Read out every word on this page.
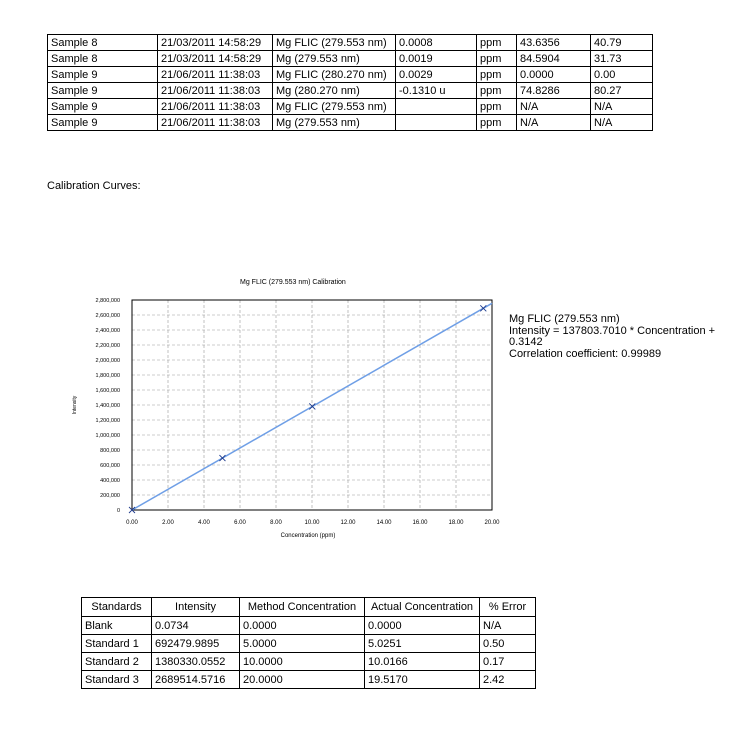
Sample 8	21/03/2011 14:58:29	Mg FLIC (279.553 nm)	0.0008	ppm	43.6356	40.79
Sample 8	21/03/2011 14:58:29	Mg (279.553 nm)	0.0019	ppm	84.5904	31.73
Sample 9	21/06/2011 11:38:03	Mg FLIC (280.270 nm)	0.0029	ppm	0.0000	0.00
Sample 9	21/06/2011 11:38:03	Mg (280.270 nm)	-0.1310 u	ppm	74.8286	80.27
Sample 9	21/06/2011 11:38:03	Mg FLIC (279.553 nm)		ppm	N/A	N/A
Sample 9	21/06/2011 11:38:03	Mg (279.553 nm)		ppm	N/A	N/A
Calibration Curves:
0.00	2.00	4.00	6.00	8.00	10.00	12.00	14.00	16.00	18.00	20.00
0
200,000
400,000
600,000
800,000
1,000,000
1,200,000
1,400,000
1,600,000
1,800,000
2,000,000
2,200,000
2,400,000
2,600,000
2,800,000
Mg FLIC (279.553 nm) Calibration
Concentration (ppm)
Intensity
Mg FLIC (279.553 nm)
Intensity = 137803.7010 * Concentration +
0.3142
Correlation coefficient: 0.99989
Standards	Intensity	Method Concentration	Actual Concentration	% Error
Blank	0.0734	0.0000	0.0000	N/A
Standard 1	692479.9895	5.0000	5.0251	0.50
Standard 2	1380330.0552	10.0000	10.0166	0.17
Standard 3	2689514.5716	20.0000	19.5170	2.42
